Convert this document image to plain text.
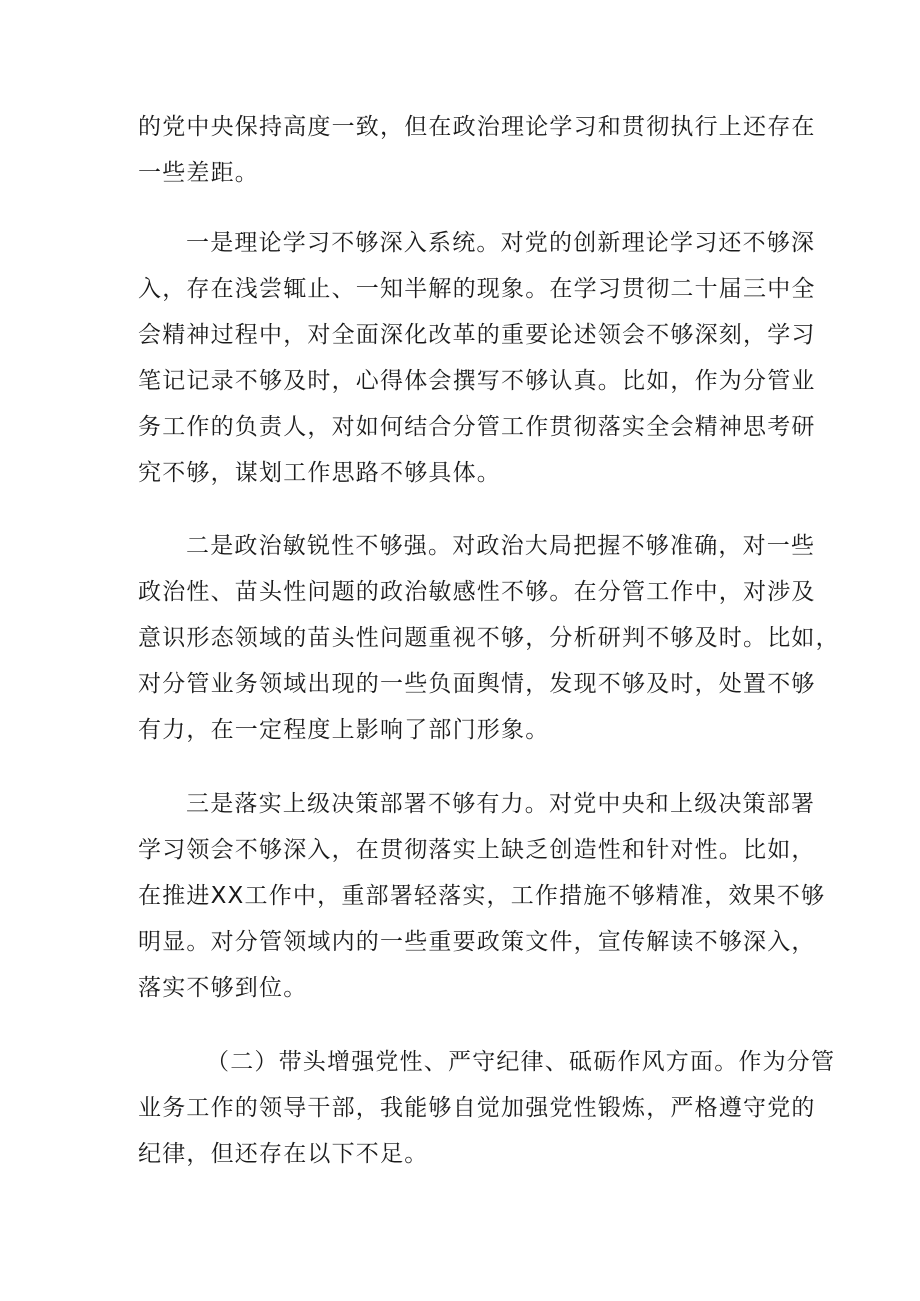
的党中央保持高度一致，但在政治理论学习和贯彻执行上还存在
一些差距。
一是理论学习不够深入系统。对党的创新理论学习还不够深
入，存在浅尝辄止、一知半解的现象。在学习贯彻二十届三中全
会精神过程中，对全面深化改革的重要论述领会不够深刻，学习
笔记记录不够及时，心得体会撰写不够认真。比如，作为分管业
务工作的负责人，对如何结合分管工作贯彻落实全会精神思考研
究不够，谋划工作思路不够具体。
二是政治敏锐性不够强。对政治大局把握不够准确，对一些
政治性、苗头性问题的政治敏感性不够。在分管工作中，对涉及
意识形态领域的苗头性问题重视不够，分析研判不够及时。比如，
对分管业务领域出现的一些负面舆情，发现不够及时，处置不够
有力，在一定程度上影响了部门形象。
三是落实上级决策部署不够有力。对党中央和上级决策部署
学习领会不够深入，在贯彻落实上缺乏创造性和针对性。比如，
在推进XX工作中，重部署轻落实，工作措施不够精准，效果不够
明显。对分管领域内的一些重要政策文件，宣传解读不够深入，
落实不够到位。
（二）带头增强党性、严守纪律、砥砺作风方面。作为分管
业务工作的领导干部，我能够自觉加强党性锻炼，严格遵守党的
纪律，但还存在以下不足。
